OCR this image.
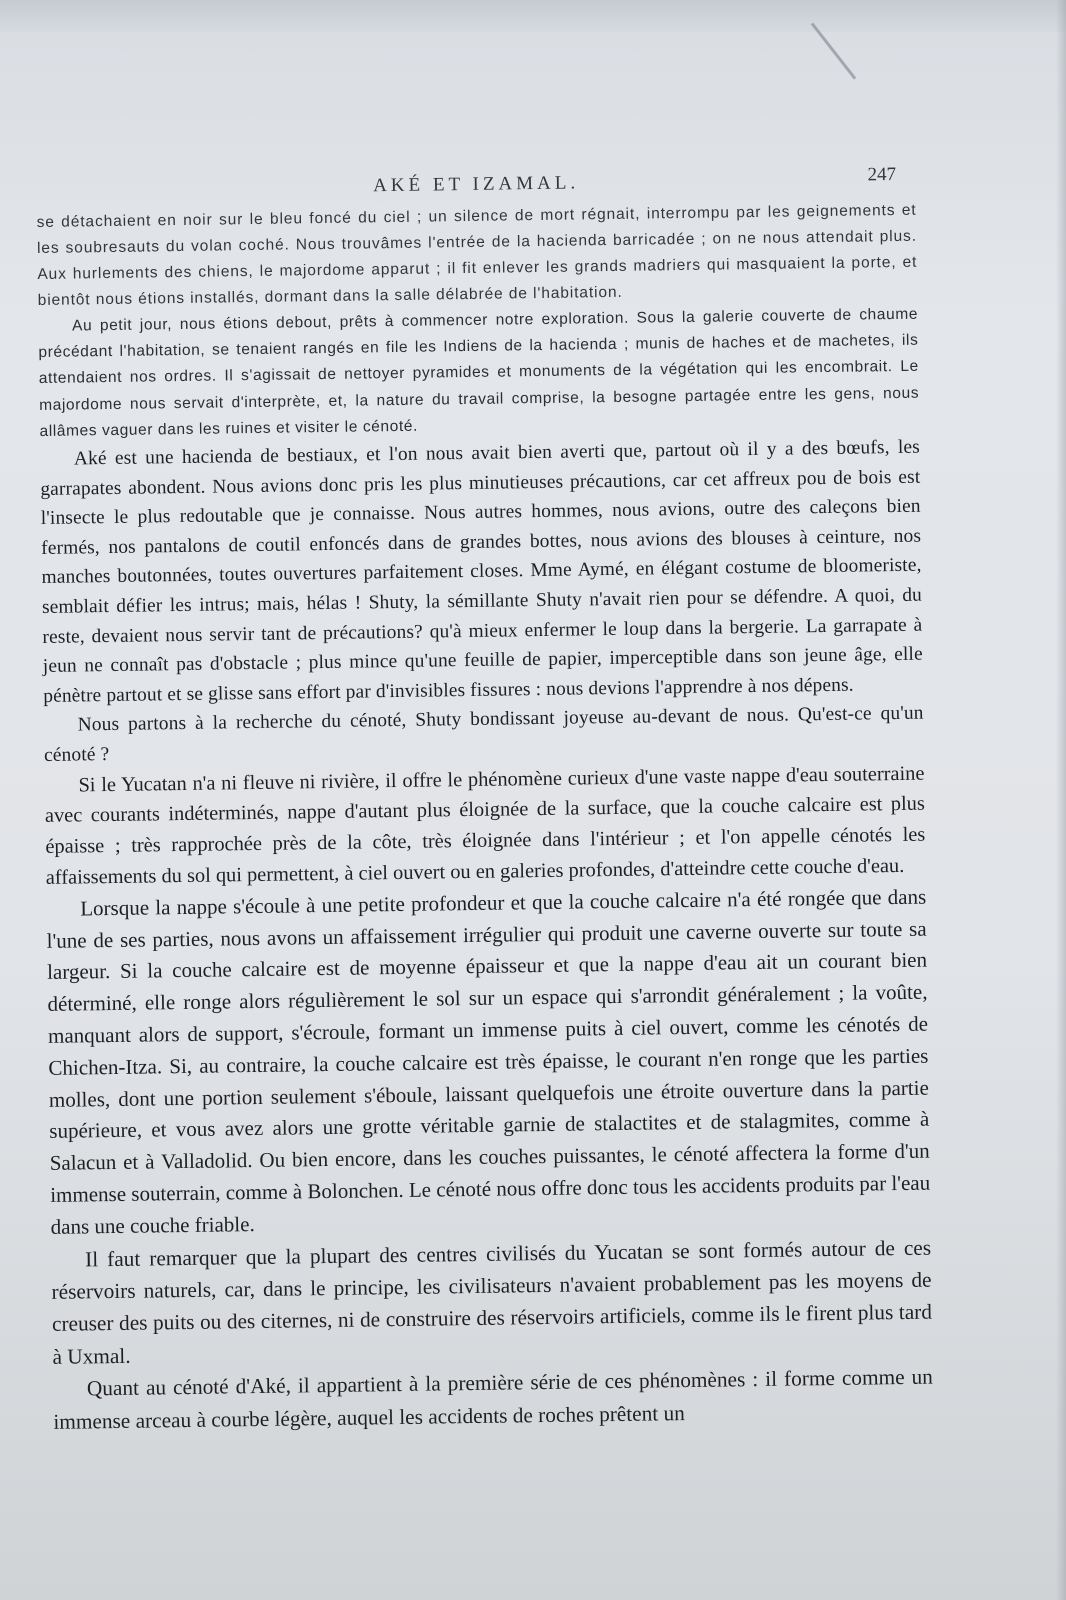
AKÉ ET IZAMAL.	247

se détachaient en noir sur le bleu foncé du ciel ; un silence de mort régnait, interrompu par les geignements et les soubresauts du volan coché. Nous trouvâmes l'entrée de la hacienda barricadée ; on ne nous attendait plus. Aux hurlements des chiens, le majordome apparut ; il fit enlever les grands madriers qui masquaient la porte, et bientôt nous étions installés, dormant dans la salle délabrée de l'habitation.

Au petit jour, nous étions debout, prêts à commencer notre exploration. Sous la galerie couverte de chaume précédant l'habitation, se tenaient rangés en file les Indiens de la hacienda ; munis de haches et de machetes, ils attendaient nos ordres. Il s'agissait de nettoyer pyramides et monuments de la végétation qui les encombrait. Le majordome nous servait d'interprète, et, la nature du travail comprise, la besogne partagée entre les gens, nous allâmes vaguer dans les ruines et visiter le cénoté.

Aké est une hacienda de bestiaux, et l'on nous avait bien averti que, partout où il y a des bœufs, les garrapates abondent. Nous avions donc pris les plus minutieuses précautions, car cet affreux pou de bois est l'insecte le plus redoutable que je connaisse. Nous autres hommes, nous avions, outre des caleçons bien fermés, nos pantalons de coutil enfoncés dans de grandes bottes, nous avions des blouses à ceinture, nos manches boutonnées, toutes ouvertures parfaitement closes. Mme Aymé, en élégant costume de bloomeriste, semblait défier les intrus; mais, hélas ! Shuty, la sémillante Shuty n'avait rien pour se défendre. A quoi, du reste, devaient nous servir tant de précautions? qu'à mieux enfermer le loup dans la bergerie. La garrapate à jeun ne connaît pas d'obstacle ; plus mince qu'une feuille de papier, imperceptible dans son jeune âge, elle pénètre partout et se glisse sans effort par d'invisibles fissures : nous devions l'apprendre à nos dépens.

Nous partons à la recherche du cénoté, Shuty bondissant joyeuse au-devant de nous. Qu'est-ce qu'un cénoté ?

Si le Yucatan n'a ni fleuve ni rivière, il offre le phénomène curieux d'une vaste nappe d'eau souterraine avec courants indéterminés, nappe d'autant plus éloignée de la surface, que la couche calcaire est plus épaisse ; très rapprochée près de la côte, très éloignée dans l'intérieur ; et l'on appelle cénotés les affaissements du sol qui permettent, à ciel ouvert ou en galeries profondes, d'atteindre cette couche d'eau.

Lorsque la nappe s'écoule à une petite profondeur et que la couche calcaire n'a été rongée que dans l'une de ses parties, nous avons un affaissement irrégulier qui produit une caverne ouverte sur toute sa largeur. Si la couche calcaire est de moyenne épaisseur et que la nappe d'eau ait un courant bien déterminé, elle ronge alors régulièrement le sol sur un espace qui s'arrondit généralement ; la voûte, manquant alors de support, s'écroule, formant un immense puits à ciel ouvert, comme les cénotés de Chichen-Itza. Si, au contraire, la couche calcaire est très épaisse, le courant n'en ronge que les parties molles, dont une portion seulement s'éboule, laissant quelquefois une étroite ouverture dans la partie supérieure, et vous avez alors une grotte véritable garnie de stalactites et de stalagmites, comme à Salacun et à Valladolid. Ou bien encore, dans les couches puissantes, le cénoté affectera la forme d'un immense souterrain, comme à Bolonchen. Le cénoté nous offre donc tous les accidents produits par l'eau dans une couche friable.

Il faut remarquer que la plupart des centres civilisés du Yucatan se sont formés autour de ces réservoirs naturels, car, dans le principe, les civilisateurs n'avaient probablement pas les moyens de creuser des puits ou des citernes, ni de construire des réservoirs artificiels, comme ils le firent plus tard à Uxmal.

Quant au cénoté d'Aké, il appartient à la première série de ces phénomènes : il forme comme un immense arceau à courbe légère, auquel les accidents de roches prêtent un
